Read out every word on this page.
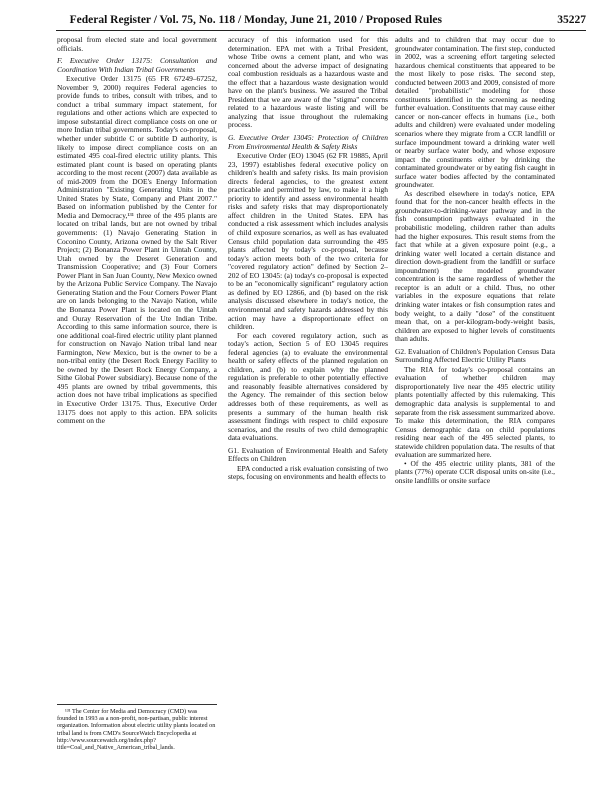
Federal Register / Vol. 75, No. 118 / Monday, June 21, 2010 / Proposed Rules	35227

proposal from elected state and local government officials.

F. Executive Order 13175: Consultation and Coordination With Indian Tribal Governments

Executive Order 13175 (65 FR 67249–67252, November 9, 2000) requires Federal agencies to provide funds to tribes, consult with tribes, and to conduct a tribal summary impact statement, for regulations and other actions which are expected to impose substantial direct compliance costs on one or more Indian tribal governments. Today's co-proposal, whether under subtitle C or subtitle D authority, is likely to impose direct compliance costs on an estimated 495 coal-fired electric utility plants. This estimated plant count is based on operating plants according to the most recent (2007) data available as of mid-2009 from the DOE's Energy Information Administration "Existing Generating Units in the United States by State, Company and Plant 2007." Based on information published by the Center for Media and Democracy,¹³¹ three of the 495 plants are located on tribal lands, but are not owned by tribal governments: (1) Navajo Generating Station in Coconino County, Arizona owned by the Salt River Project; (2) Bonanza Power Plant in Uintah County, Utah owned by the Deseret Generation and Transmission Cooperative; and (3) Four Corners Power Plant in San Juan County, New Mexico owned by the Arizona Public Service Company. The Navajo Generating Station and the Four Corners Power Plant are on lands belonging to the Navajo Nation, while the Bonanza Power Plant is located on the Uintah and Ouray Reservation of the Ute Indian Tribe. According to this same information source, there is one additional coal-fired electric utility plant planned for construction on Navajo Nation tribal land near Farmington, New Mexico, but is the owner to be a non-tribal entity (the Desert Rock Energy Facility to be owned by the Desert Rock Energy Company, a Sithe Global Power subsidiary). Because none of the 495 plants are owned by tribal governments, this action does not have tribal implications as specified in Executive Order 13175. Thus, Executive Order 13175 does not apply to this action. EPA solicits comment on the

¹³¹ The Center for Media and Democracy (CMD) was founded in 1993 as a non-profit, non-partisan, public interest organization. Information about electric utility plants located on tribal land is from CMD's SourceWatch Encyclopedia at http://www.sourcewatch.org/index.php?title=Coal_and_Native_American_tribal_lands.

accuracy of this information used for this determination. EPA met with a Tribal President, whose Tribe owns a cement plant, and who was concerned about the adverse impact of designating coal combustion residuals as a hazardous waste and the effect that a hazardous waste designation would have on the plant's business. We assured the Tribal President that we are aware of the "stigma" concerns related to a hazardous waste listing and will be analyzing that issue throughout the rulemaking process.

G. Executive Order 13045: Protection of Children From Environmental Health & Safety Risks

Executive Order (EO) 13045 (62 FR 19885, April 23, 1997) establishes federal executive policy on children's health and safety risks. Its main provision directs federal agencies, to the greatest extent practicable and permitted by law, to make it a high priority to identify and assess environmental health risks and safety risks that may disproportionately affect children in the United States. EPA has conducted a risk assessment which includes analysis of child exposure scenarios, as well as has evaluated Census child population data surrounding the 495 plants affected by today's co-proposal, because today's action meets both of the two criteria for "covered regulatory action" defined by Section 2–202 of EO 13045: (a) today's co-proposal is expected to be an "economically significant" regulatory action as defined by EO 12866, and (b) based on the risk analysis discussed elsewhere in today's notice, the environmental and safety hazards addressed by this action may have a disproportionate effect on children.

For each covered regulatory action, such as today's action, Section 5 of EO 13045 requires federal agencies (a) to evaluate the environmental health or safety effects of the planned regulation on children, and (b) to explain why the planned regulation is preferable to other potentially effective and reasonably feasible alternatives considered by the Agency. The remainder of this section below addresses both of these requirements, as well as presents a summary of the human health risk assessment findings with respect to child exposure scenarios, and the results of two child demographic data evaluations.

G1. Evaluation of Environmental Health and Safety Effects on Children

EPA conducted a risk evaluation consisting of two steps, focusing on environments and health effects to

adults and to children that may occur due to groundwater contamination. The first step, conducted in 2002, was a screening effort targeting selected hazardous chemical constituents that appeared to be the most likely to pose risks. The second step, conducted between 2003 and 2009, consisted of more detailed "probabilistic" modeling for those constituents identified in the screening as needing further evaluation. Constituents that may cause either cancer or non-cancer effects in humans (i.e., both adults and children) were evaluated under modeling scenarios where they migrate from a CCR landfill or surface impoundment toward a drinking water well or nearby surface water body, and whose exposure impact the constituents either by drinking the contaminated groundwater or by eating fish caught in surface water bodies affected by the contaminated groundwater.

As described elsewhere in today's notice, EPA found that for the non-cancer health effects in the groundwater-to-drinking-water pathway and in the fish consumption pathways evaluated in the probabilistic modeling, children rather than adults had the higher exposures. This result stems from the fact that while at a given exposure point (e.g., a drinking water well located a certain distance and direction down-gradient from the landfill or surface impoundment) the modeled groundwater concentration is the same regardless of whether the receptor is an adult or a child. Thus, no other variables in the exposure equations that relate drinking water intakes or fish consumption rates and body weight, to a daily "dose" of the constituent mean that, on a per-kilogram-body-weight basis, children are exposed to higher levels of constituents than adults.

G2. Evaluation of Children's Population Census Data Surrounding Affected Electric Utility Plants

The RIA for today's co-proposal contains an evaluation of whether children may disproportionately live near the 495 electric utility plants potentially affected by this rulemaking. This demographic data analysis is supplemental to and separate from the risk assessment summarized above. To make this determination, the RIA compares Census demographic data on child populations residing near each of the 495 selected plants, to statewide children population data. The results of that evaluation are summarized here.

• Of the 495 electric utility plants, 381 of the plants (77%) operate CCR disposal units on-site (i.e., onsite landfills or onsite surface
